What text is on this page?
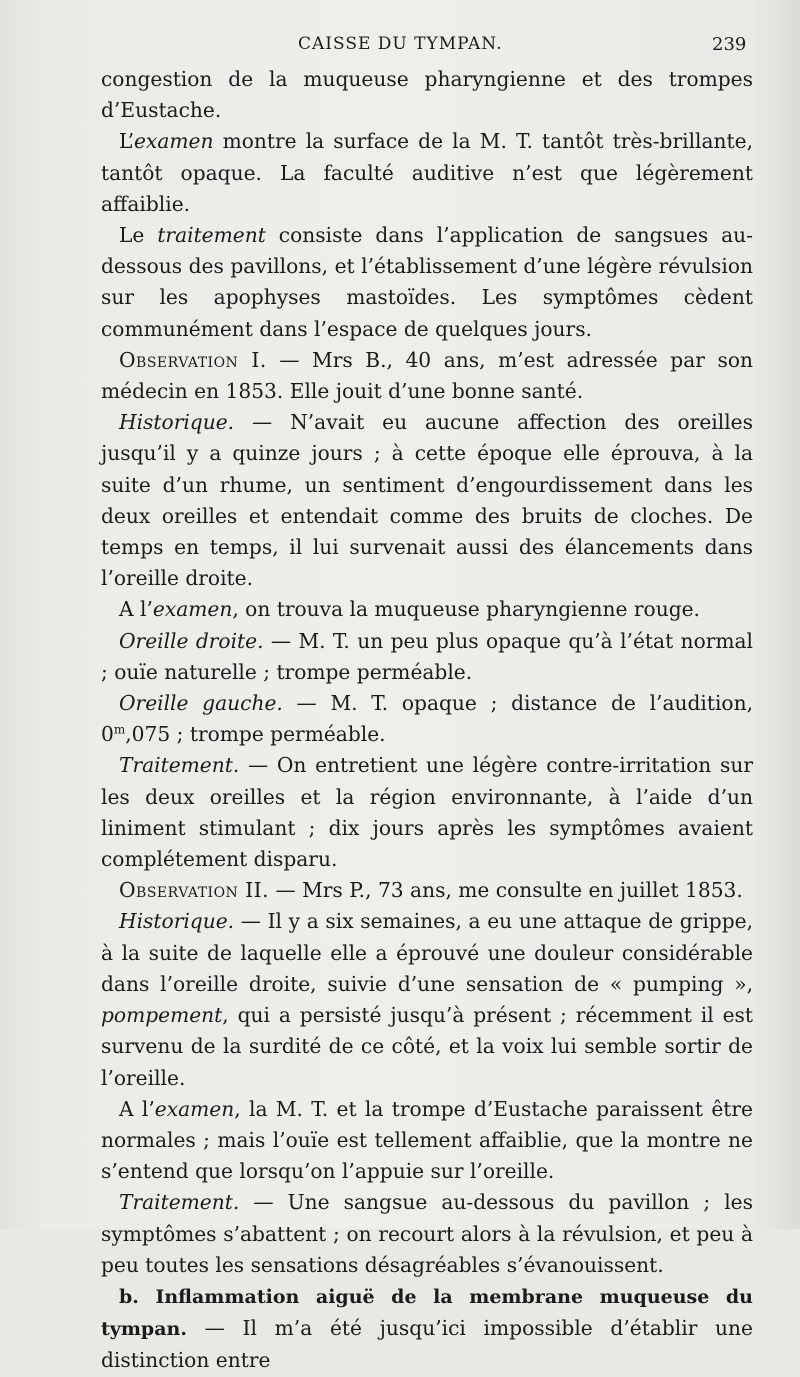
CAISSE DU TYMPAN.	239

congestion de la muqueuse pharyngienne et des trompes d’Eustache.

L’examen montre la surface de la M. T. tantôt très-brillante, tantôt opaque. La faculté auditive n’est que légèrement affaiblie.

Le traitement consiste dans l’application de sangsues au-dessous des pavillons, et l’établissement d’une légère révulsion sur les apophyses mastoïdes. Les symptômes cèdent communément dans l’espace de quelques jours.

Observation I. — Mrs B., 40 ans, m’est adressée par son médecin en 1853. Elle jouit d’une bonne santé.

Historique. — N’avait eu aucune affection des oreilles jusqu’il y a quinze jours ; à cette époque elle éprouva, à la suite d’un rhume, un sentiment d’engourdissement dans les deux oreilles et entendait comme des bruits de cloches. De temps en temps, il lui survenait aussi des élancements dans l’oreille droite.

A l’examen, on trouva la muqueuse pharyngienne rouge.

Oreille droite. — M. T. un peu plus opaque qu’à l’état normal ; ouïe naturelle ; trompe perméable.

Oreille gauche. — M. T. opaque ; distance de l’audition, 0$^m$,075 ; trompe perméable.

Traitement. — On entretient une légère contre-irritation sur les deux oreilles et la région environnante, à l’aide d’un liniment stimulant ; dix jours après les symptômes avaient complétement disparu.

Observation II. — Mrs P., 73 ans, me consulte en juillet 1853.

Historique. — Il y a six semaines, a eu une attaque de grippe, à la suite de laquelle elle a éprouvé une douleur considérable dans l’oreille droite, suivie d’une sensation de « pumping », pompement, qui a persisté jusqu’à présent ; récemment il est survenu de la surdité de ce côté, et la voix lui semble sortir de l’oreille.

A l’examen, la M. T. et la trompe d’Eustache paraissent être normales ; mais l’ouïe est tellement affaiblie, que la montre ne s’entend que lorsqu’on l’appuie sur l’oreille.

Traitement. — Une sangsue au-dessous du pavillon ; les symptômes s’abattent ; on recourt alors à la révulsion, et peu à peu toutes les sensations désagréables s’évanouissent.

b. Inflammation aiguë de la membrane muqueuse du tympan. — Il m’a été jusqu’ici impossible d’établir une distinction entre
